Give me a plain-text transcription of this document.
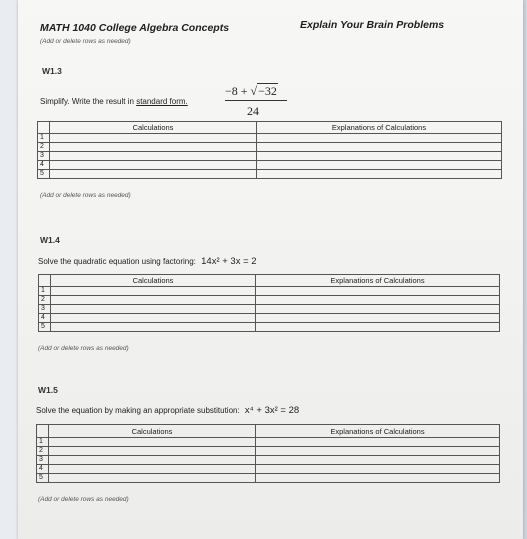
MATH 1040 College Algebra Concepts	Explain Your Brain Problems
(Add or delete rows as needed)
W1.3
Simplify. Write the result in standard form.
−8 + √−32
24
	Calculations	Explanations of Calculations
1		
2		
3		
4		
5		
(Add or delete rows as needed)
W1.4
Solve the quadratic equation using factoring: 14x² + 3x = 2
	Calculations	Explanations of Calculations
1		
2		
3		
4		
5		
(Add or delete rows as needed)
W1.5
Solve the equation by making an appropriate substitution: x⁴ + 3x² = 28
	Calculations	Explanations of Calculations
1		
2		
3		
4		
5		
(Add or delete rows as needed)
